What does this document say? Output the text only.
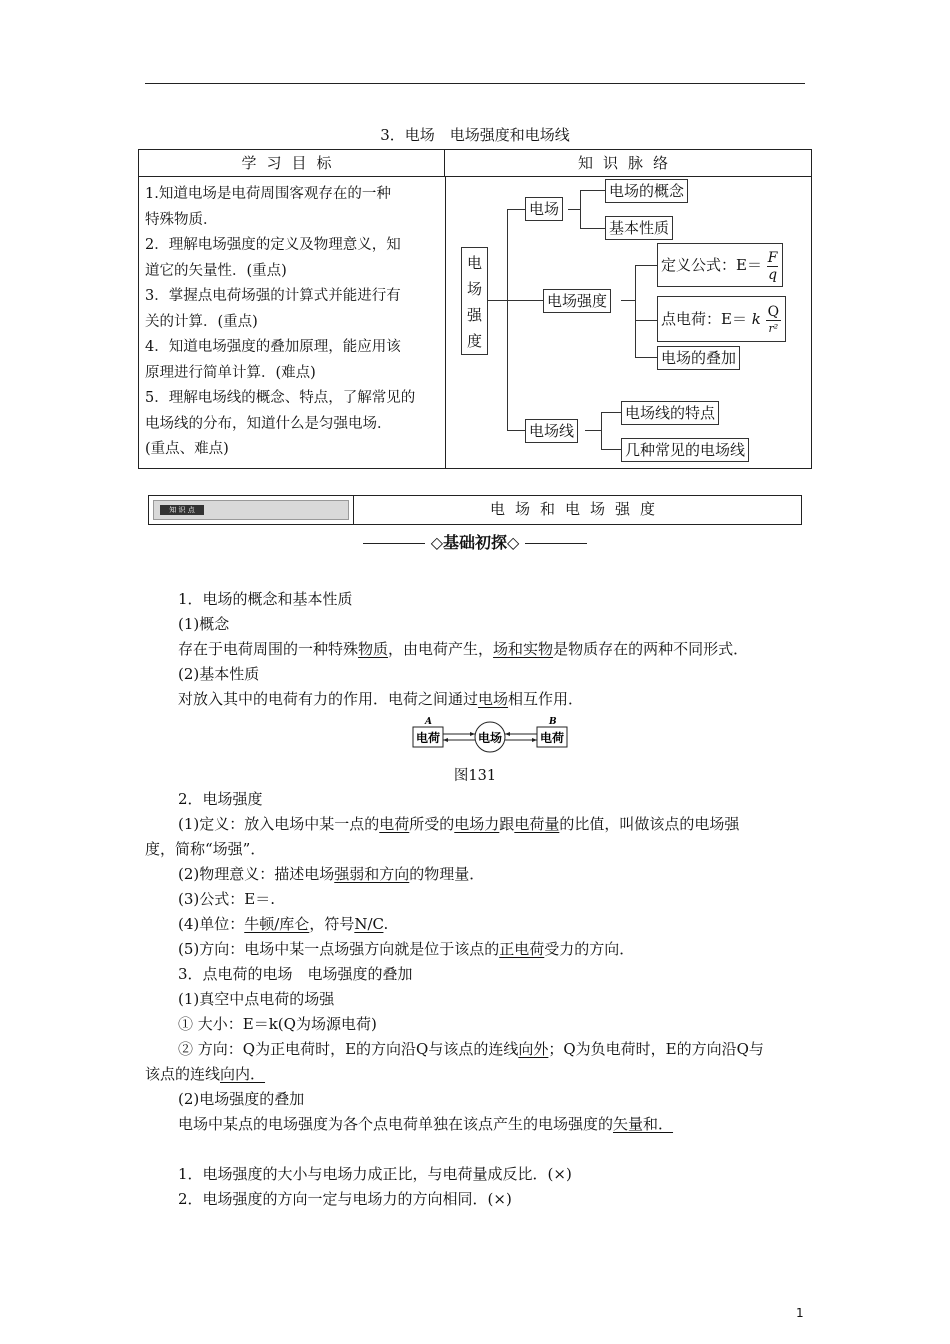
3．电场　电场强度和电场线
学习目标	知识脉络
1.知道电场是电荷周围客观存在的一种
特殊物质．
2．理解电场强度的定义及物理意义，知
道它的矢量性．(重点)
3．掌握点电荷场强的计算式并能进行有
关的计算．(重点)
4．知道电场强度的叠加原理，能应用该
原理进行简单计算．(难点)
5．理解电场线的概念、特点，了解常见的
电场线的分布，知道什么是匀强电场．
(重点、难点)
电场强度
电场
电场的概念
基本性质
电场强度
定义公式：$E= \frac{F}{q}$
点电荷：E＝ k Q
r²
电场的叠加
电场线
电场线的特点
几种常见的电场线
知 识 点	电场和电场强度
◇基础初探◇
1．电场的概念和基本性质
(1)概念
存在于电荷周围的一种特殊物质，由电荷产生，场和实物是物质存在的两种不同形式．
(2)基本性质
对放入其中的电荷有力的作用．电荷之间通过电场相互作用．
A	B
电荷	电荷
电场
图131
2．电场强度
(1)定义：放入电场中某一点的电荷所受的电场力跟电荷量的比值，叫做该点的电场强
度，简称“场强”．
(2)物理意义：描述电场强弱和方向的物理量．
(3)公式：E＝.
(4)单位：牛顿/库仑，符号N/C.
(5)方向：电场中某一点场强方向就是位于该点的正电荷受力的方向．
3．点电荷的电场　电场强度的叠加
(1)真空中点电荷的场强
① 大小：E＝k(Q为场源电荷)
② 方向：Q为正电荷时，E的方向沿Q与该点的连线向外；Q为负电荷时，E的方向沿Q与
该点的连线向内．
(2)电场强度的叠加
电场中某点的电场强度为各个点电荷单独在该点产生的电场强度的矢量和．
1．电场强度的大小与电场力成正比，与电荷量成反比．(×)
2．电场强度的方向一定与电场力的方向相同．(×)
1
